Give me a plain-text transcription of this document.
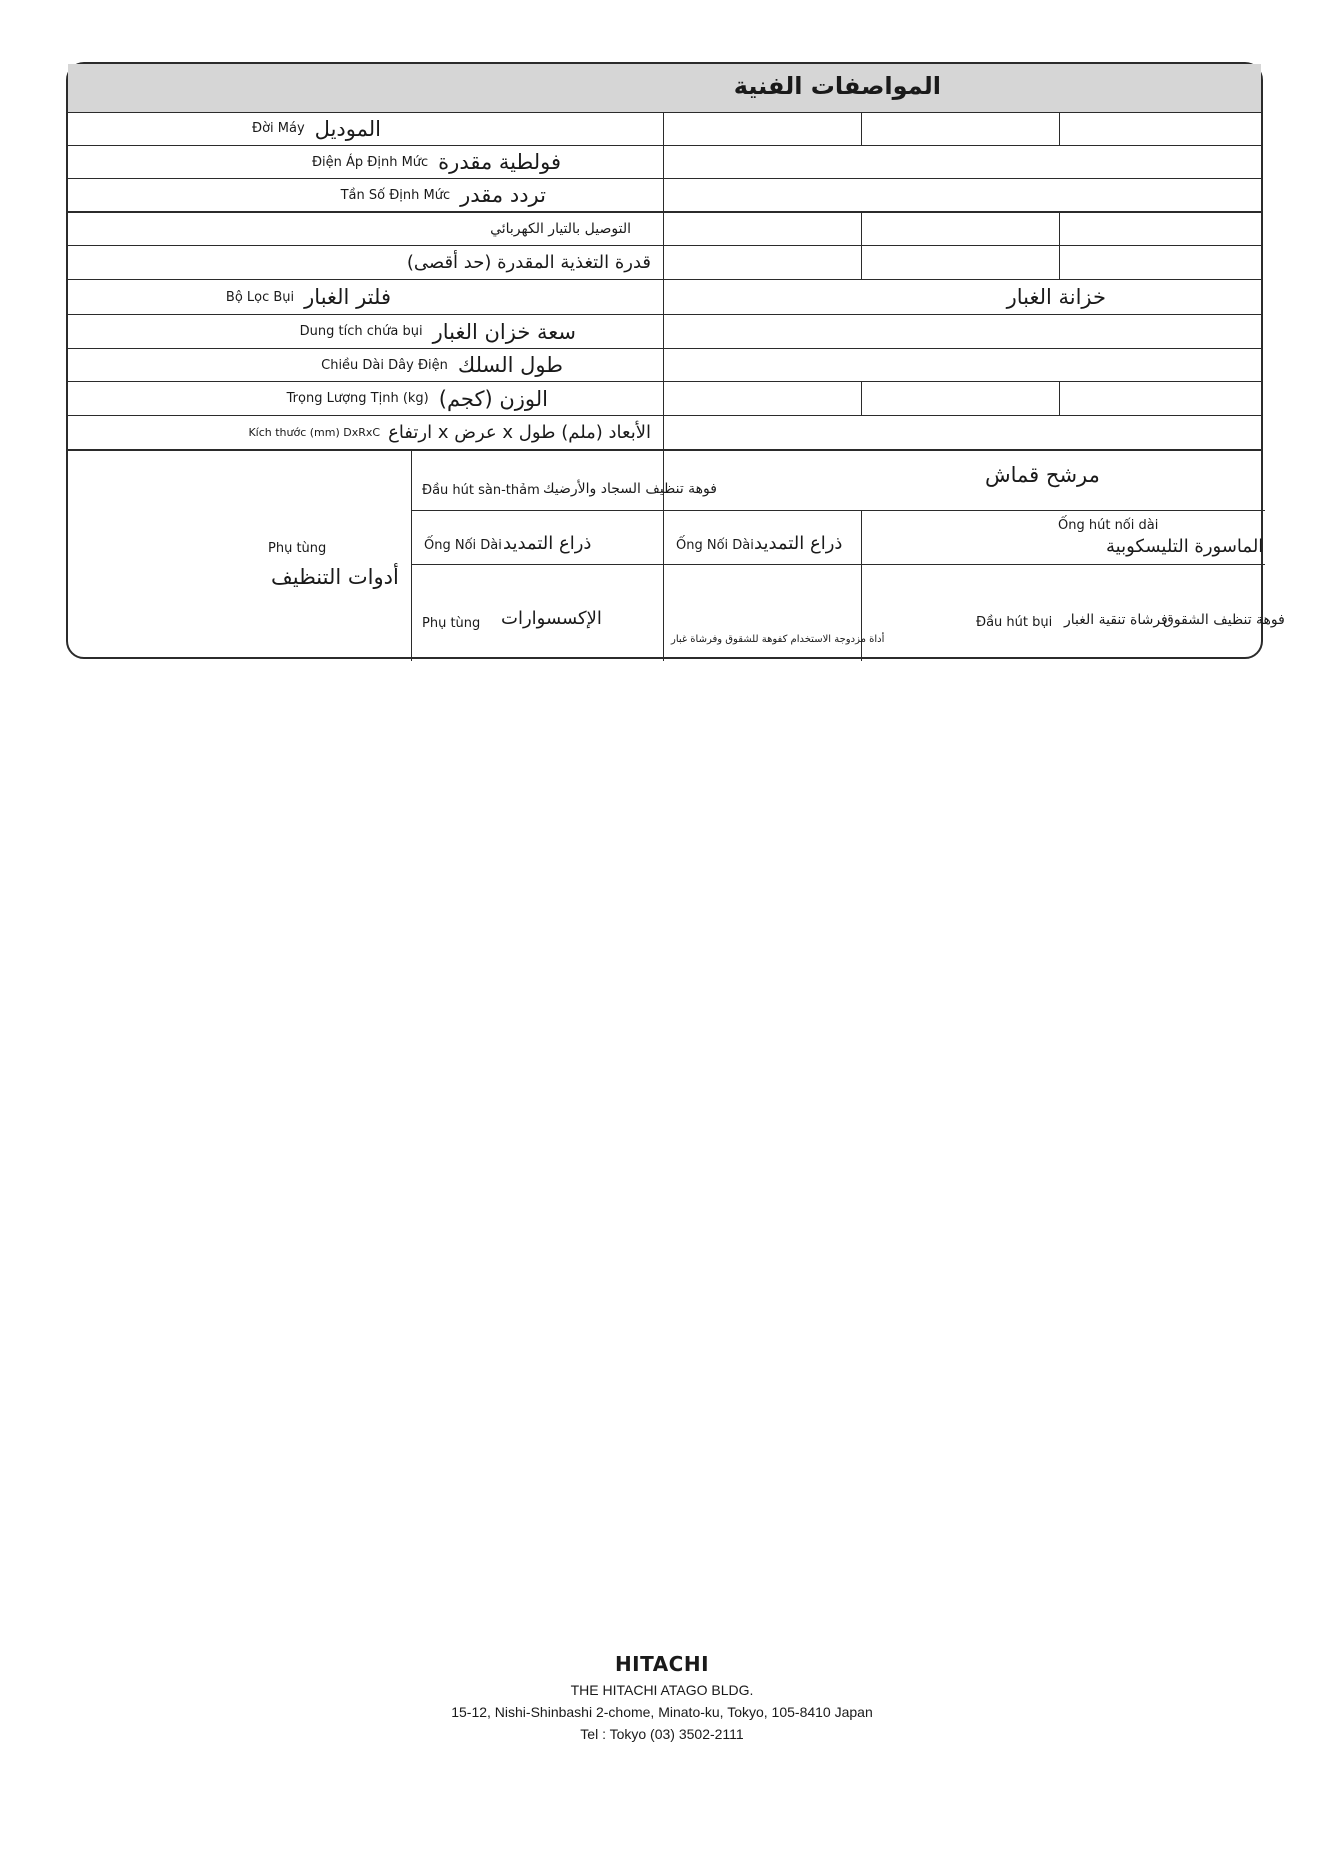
المواصفات الفنية
Đời Máy الموديل
Điện Áp Định Mức فولطية مقدرة
Tần Số Định Mức تردد مقدر
التوصيل بالتيار الكهربائي
قدرة التغذية المقدرة (حد أقصى)
Bộ Lọc Bụi فلتر الغبار	خزانة الغبار
Dung tích chứa bụi سعة خزان الغبار
Chiều Dài Dây Điện طول السلك
Trọng Lượng Tịnh (kg) الوزن (كجم)
Kích thước (mm) DxRxC الأبعاد (ملم) طول x عرض x ارتفاع
Phụ tùng
أدوات التنظيف
Đầu hút sàn-thảm فوهة تنظيف السجاد والأرضيك
مرشح قماش
Ống Nối Dài ذراع التمديد	Ống Nối Dài ذراع التمديد
Ống hút nối dài
الماسورة التليسكوبية
Phụ tùng الإكسسوارات
أداة مزدوجة الاستخدام كفوهة للشقوق وفرشاة غبار
Đầu hút bụi فرشاة تنقية الغبار
فوهة تنظيف الشقوق
HITACHI
THE HITACHI ATAGO BLDG.
15-12, Nishi-Shinbashi 2-chome, Minato-ku, Tokyo, 105-8410 Japan
Tel : Tokyo (03) 3502-2111
